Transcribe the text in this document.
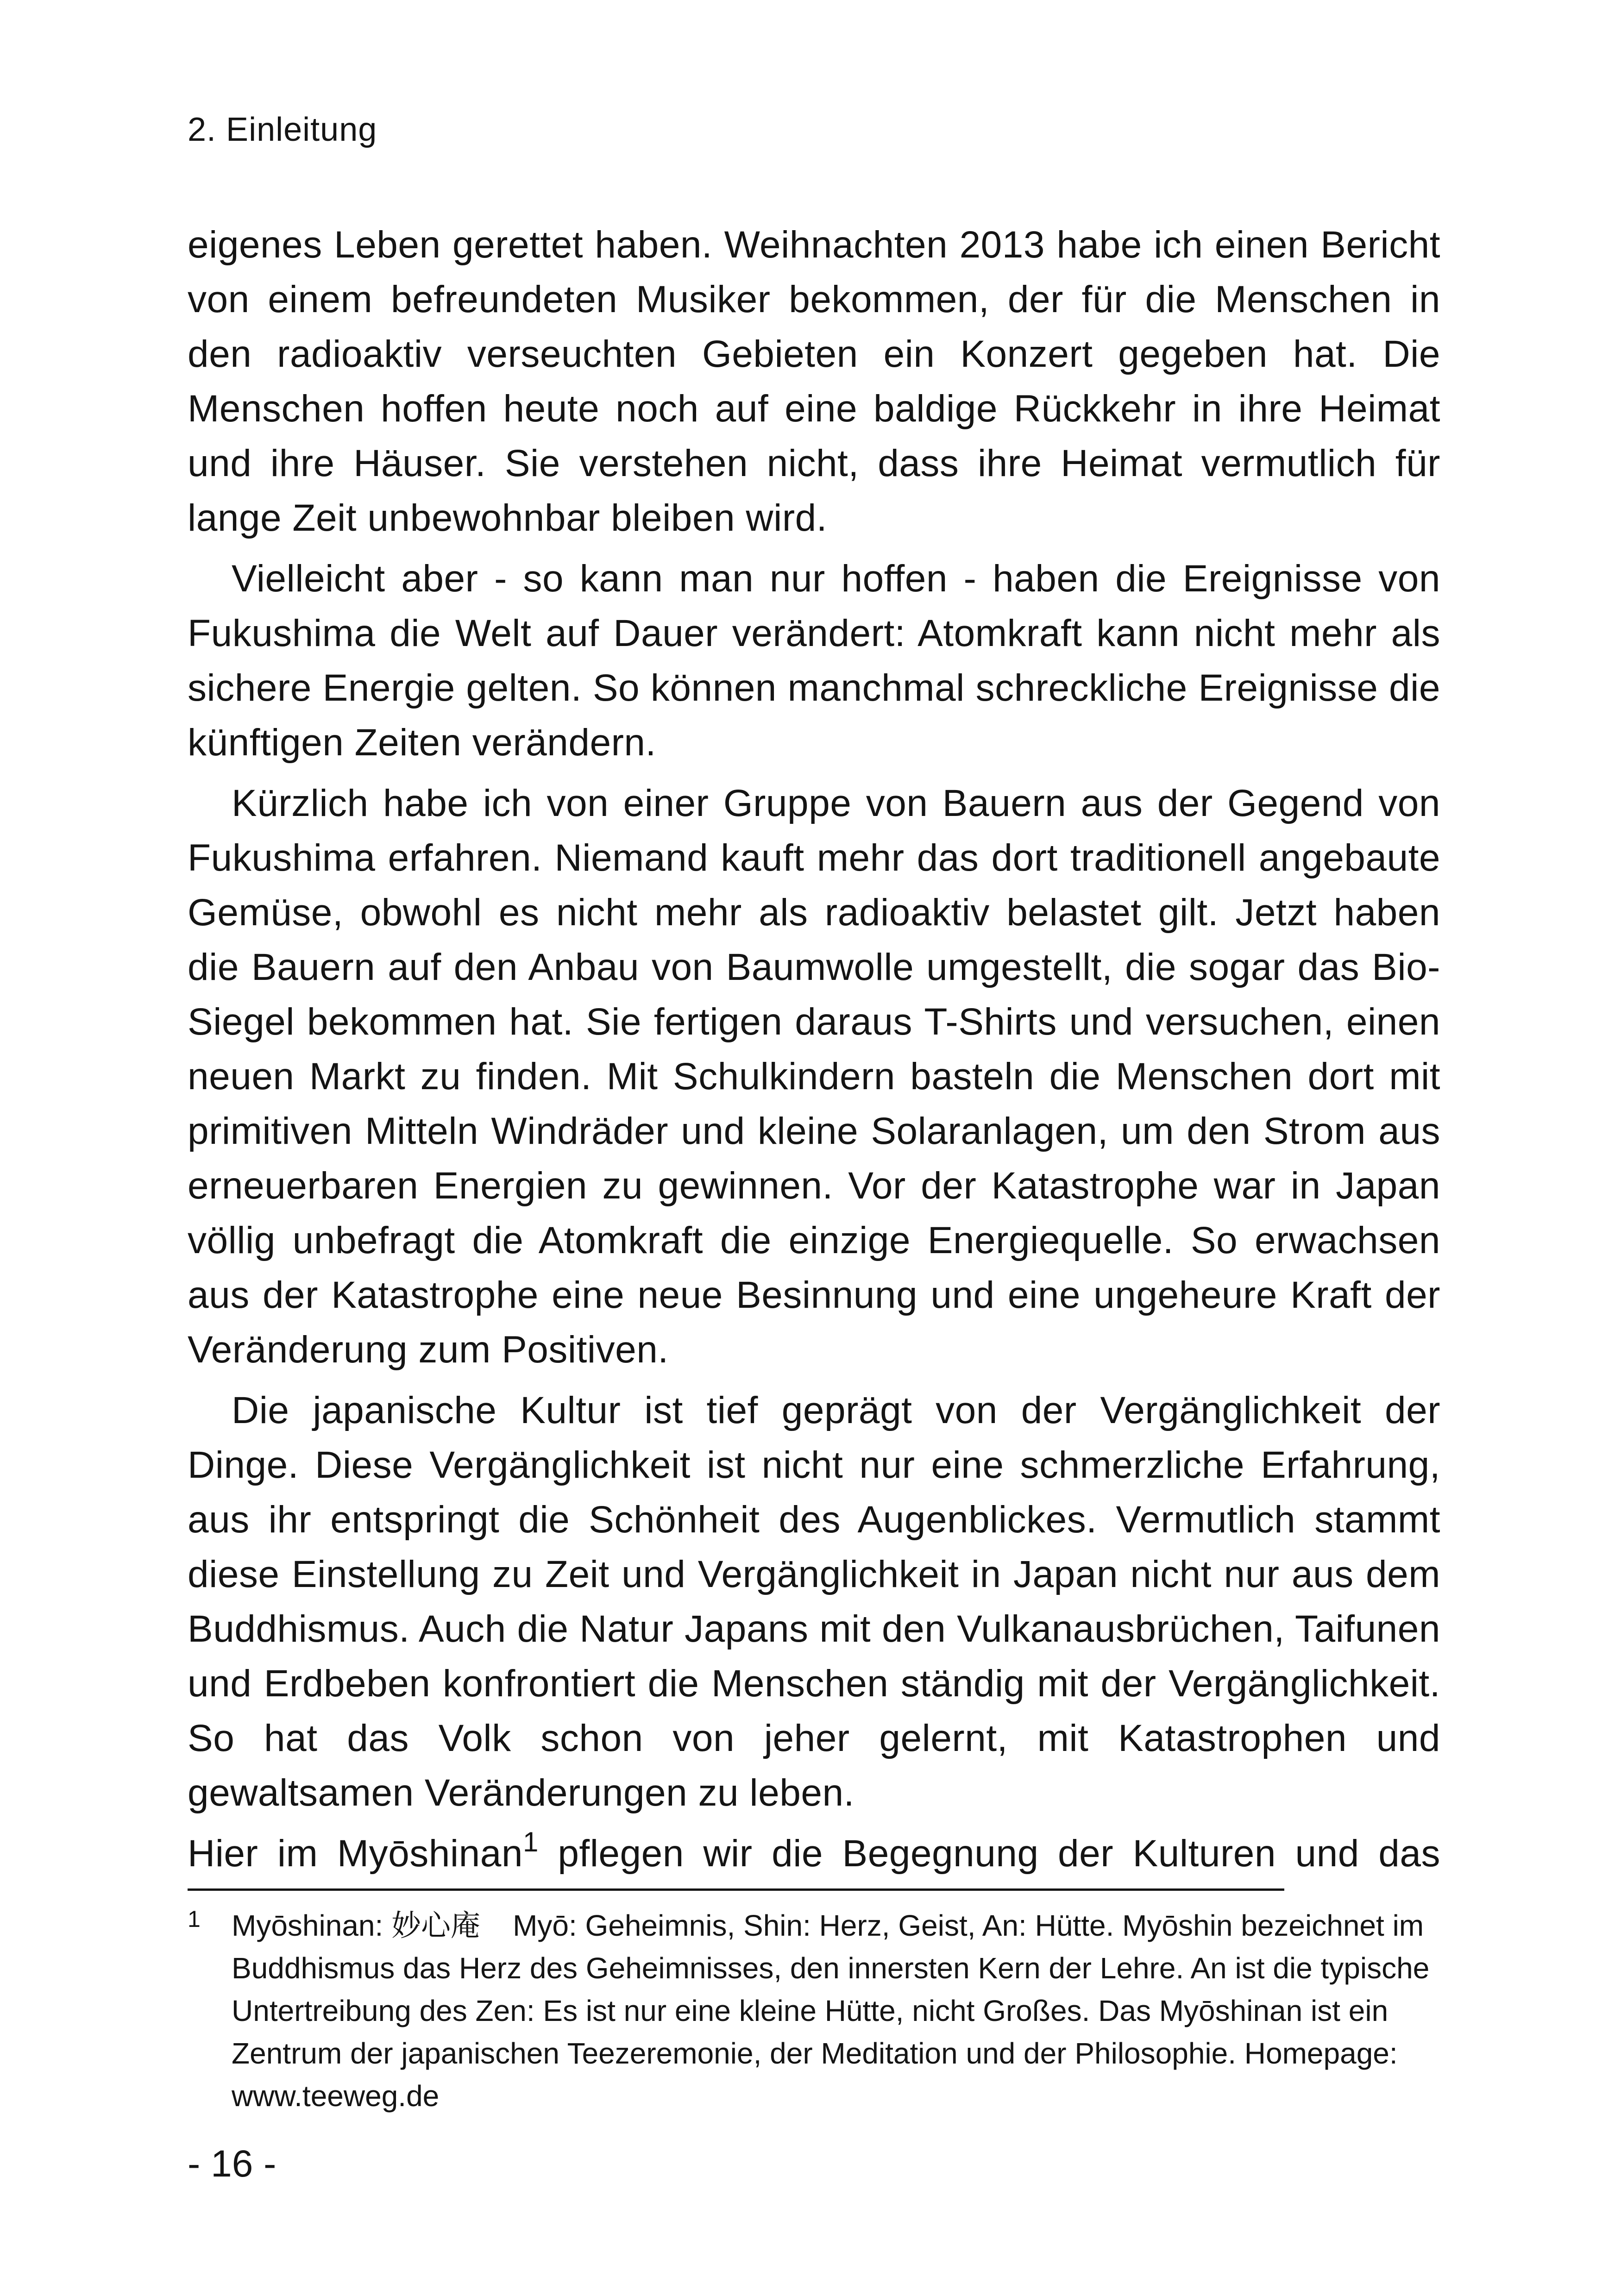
2. Einleitung

eigenes Leben gerettet haben. Weihnachten 2013 habe ich einen Bericht von einem befreundeten Musiker bekommen, der für die Menschen in den radioaktiv verseuchten Gebieten ein Konzert gegeben hat. Die Menschen hoffen heute noch auf eine baldige Rückkehr in ihre Heimat und ihre Häuser. Sie verstehen nicht, dass ihre Heimat vermutlich für lange Zeit unbewohnbar bleiben wird.

Vielleicht aber - so kann man nur hoffen - haben die Ereignisse von Fukushima die Welt auf Dauer verändert: Atomkraft kann nicht mehr als sichere Energie gelten. So können manchmal schreckliche Ereignisse die künftigen Zeiten verändern.

Kürzlich habe ich von einer Gruppe von Bauern aus der Gegend von Fukushima erfahren. Niemand kauft mehr das dort traditionell angebaute Gemüse, obwohl es nicht mehr als radioaktiv belastet gilt. Jetzt haben die Bauern auf den Anbau von Baumwolle umgestellt, die sogar das Bio-Siegel bekommen hat. Sie fertigen daraus T-Shirts und versuchen, einen neuen Markt zu finden. Mit Schulkindern basteln die Menschen dort mit primitiven Mitteln Windräder und kleine Solaranlagen, um den Strom aus erneuerbaren Energien zu gewinnen. Vor der Katastrophe war in Japan völlig unbefragt die Atomkraft die einzige Energiequelle. So erwachsen aus der Katastrophe eine neue Besinnung und eine ungeheure Kraft der Veränderung zum Positiven.

Die japanische Kultur ist tief geprägt von der Vergänglichkeit der Dinge. Diese Vergänglichkeit ist nicht nur eine schmerzliche Erfahrung, aus ihr entspringt die Schönheit des Augenblickes. Vermutlich stammt diese Einstellung zu Zeit und Vergänglichkeit in Japan nicht nur aus dem Buddhismus. Auch die Natur Japans mit den Vulkanausbrüchen, Taifunen und Erdbeben konfrontiert die Menschen ständig mit der Vergänglichkeit. So hat das Volk schon von jeher gelernt, mit Katastrophen und gewaltsamen Veränderungen zu leben.

Hier im Myōshinan$^1$ pflegen wir die Begegnung der Kulturen und das

1 Myōshinan: 妙心庵 Myō: Geheimnis, Shin: Herz, Geist, An: Hütte. Myōshin bezeichnet im Buddhismus das Herz des Geheimnisses, den innersten Kern der Lehre. An ist die typische Untertreibung des Zen: Es ist nur eine kleine Hütte, nicht Großes. Das Myōshinan ist ein Zentrum der japanischen Teezeremonie, der Meditation und der Philosophie. Homepage: www.teeweg.de
- 16 -
